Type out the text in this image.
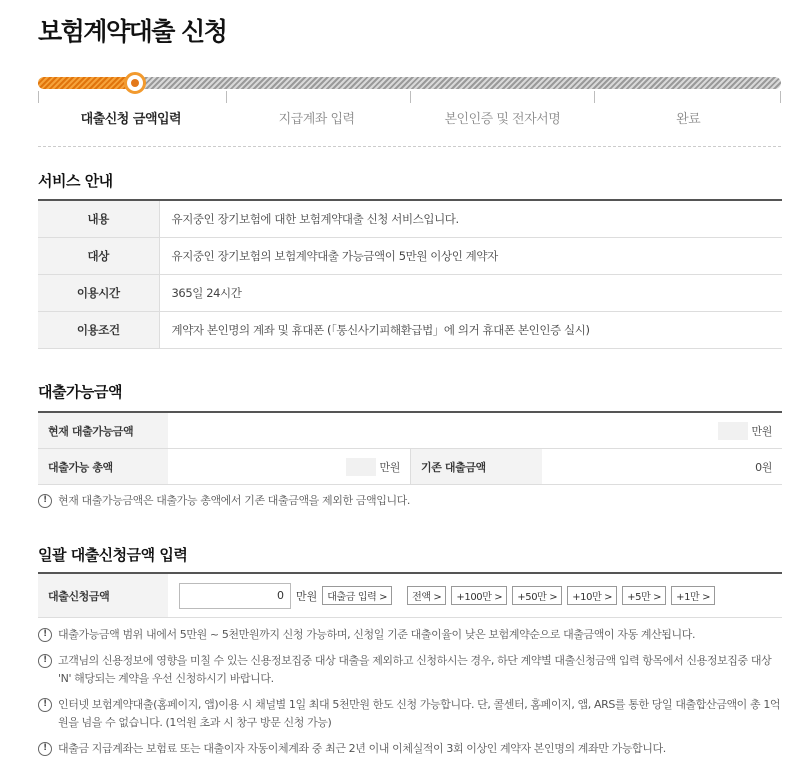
보험계약대출 신청
대출신청 금액입력	지급계좌 입력	본인인증 및 전자서명	완료
서비스 안내
내용	유지중인 장기보험에 대한 보험계약대출 신청 서비스입니다.
대상	유지중인 장기보험의 보험계약대출 가능금액이 5만원 이상인 계약자
이용시간	365일 24시간
이용조건	계약자 본인명의 계좌 및 휴대폰 (「통신사기피해환급법」에 의거 휴대폰 본인인증 실시)
대출가능금액
현재 대출가능금액	만원
대출가능 총액	만원	기존 대출금액	0원
!	현재 대출가능금액은 대출가능 총액에서 기존 대출금액을 제외한 금액입니다.
일괄 대출신청금액 입력
대출신청금액
0	만원	대출금 입력 >	전액 >	+100만 >	+50만 >	+10만 >	+5만 >	+1만 >
!	대출가능금액 범위 내에서 5만원 ~ 5천만원까지 신청 가능하며, 신청일 기준 대출이율이 낮은 보험계약순으로 대출금액이 자동 계산됩니다.
!	고객님의 신용정보에 영향을 미칠 수 있는 신용정보집중 대상 대출을 제외하고 신청하시는 경우, 하단 계약별 대출신청금액 입력 항목에서 신용정보집중 대상 'N' 해당되는 계약을 우선 신청하시기 바랍니다.
!	인터넷 보험계약대출(홈페이지, 앱)이용 시 채널별 1일 최대 5천만원 한도 신청 가능합니다. 단, 콜센터, 홈페이지, 앱, ARS를 통한 당일 대출합산금액이 총 1억원을 넘을 수 없습니다. (1억원 초과 시 창구 방문 신청 가능)
!	대출금 지급계좌는 보험료 또는 대출이자 자동이체계좌 중 최근 2년 이내 이체실적이 3회 이상인 계약자 본인명의 계좌만 가능합니다.
